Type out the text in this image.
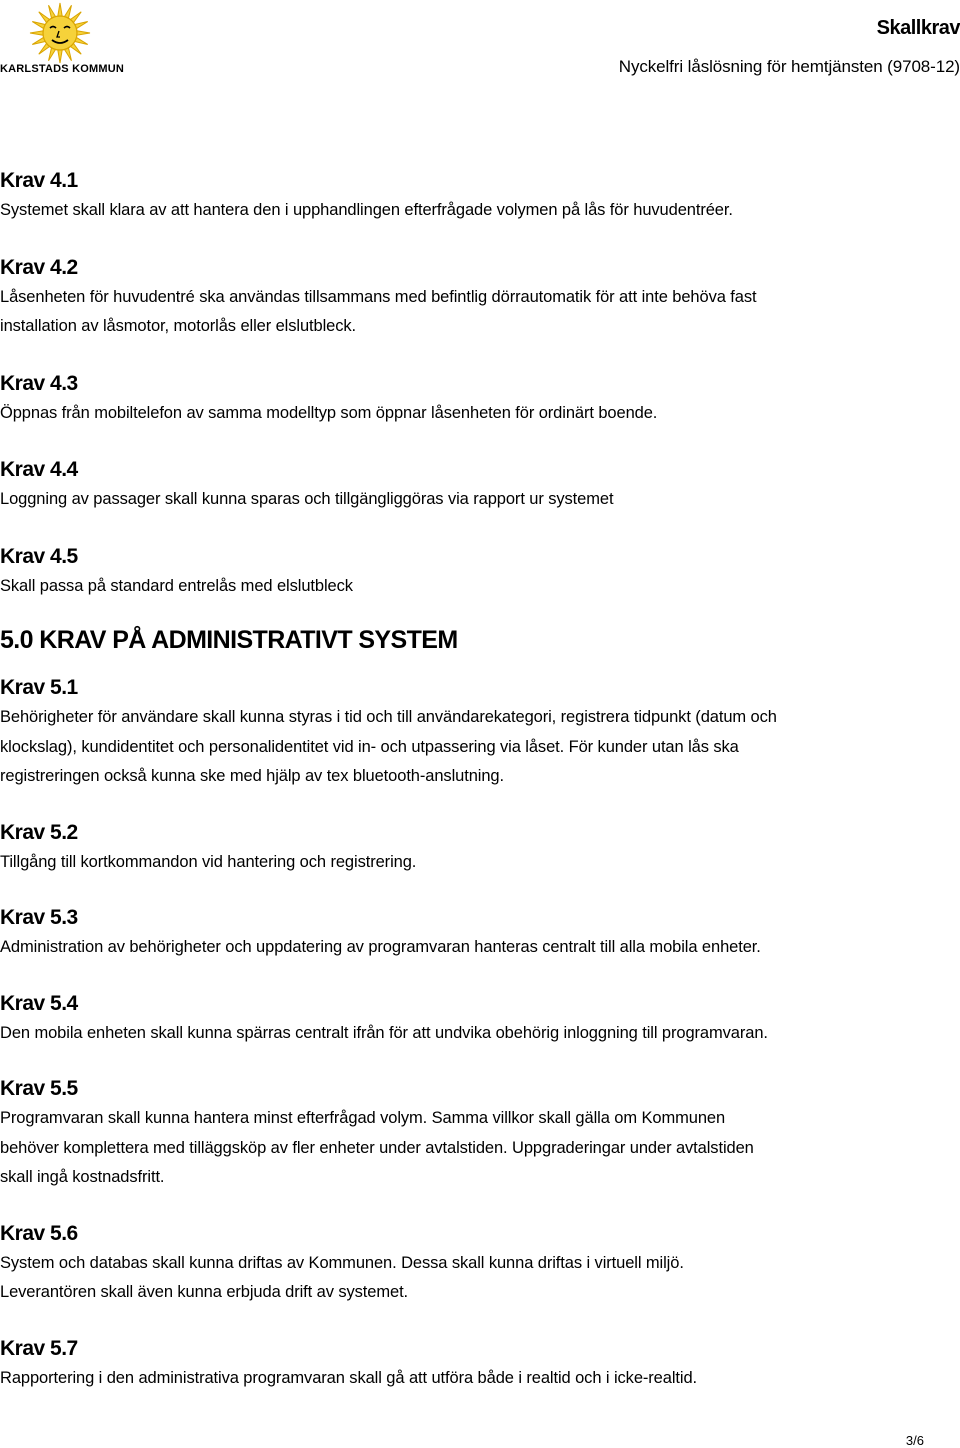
KARLSTADS KOMMUN
Skallkrav
Nyckelfri låslösning för hemtjänsten (9708-12)
Krav 4.1
Systemet skall klara av att hantera den i upphandlingen efterfrågade volymen på lås för huvudentréer.
Krav 4.2
Låsenheten för huvudentré ska användas tillsammans med befintlig dörrautomatik för att inte behöva fast
installation av låsmotor, motorlås eller elslutbleck.
Krav 4.3
Öppnas från mobiltelefon av samma modelltyp som öppnar låsenheten för ordinärt boende.
Krav 4.4
Loggning av passager skall kunna sparas och tillgängliggöras via rapport ur systemet
Krav 4.5
Skall passa på standard entrelås med elslutbleck
5.0 KRAV PÅ ADMINISTRATIVT SYSTEM
Krav 5.1
Behörigheter för användare skall kunna styras i tid och till användarekategori, registrera tidpunkt (datum och
klockslag), kundidentitet och personalidentitet vid in- och utpassering via låset. För kunder utan lås ska
registreringen också kunna ske med hjälp av tex bluetooth-anslutning.
Krav 5.2
Tillgång till kortkommandon vid hantering och registrering.
Krav 5.3
Administration av behörigheter och uppdatering av programvaran hanteras centralt till alla mobila enheter.
Krav 5.4
Den mobila enheten skall kunna spärras centralt ifrån för att undvika obehörig inloggning till programvaran.
Krav 5.5
Programvaran skall kunna hantera minst efterfrågad volym. Samma villkor skall gälla om Kommunen
behöver komplettera med tilläggsköp av fler enheter under avtalstiden. Uppgraderingar under avtalstiden
skall ingå kostnadsfritt.
Krav 5.6
System och databas skall kunna driftas av Kommunen. Dessa skall kunna driftas i virtuell miljö.
Leverantören skall även kunna erbjuda drift av systemet.
Krav 5.7
Rapportering i den administrativa programvaran skall gå att utföra både i realtid och i icke-realtid.
3/6
